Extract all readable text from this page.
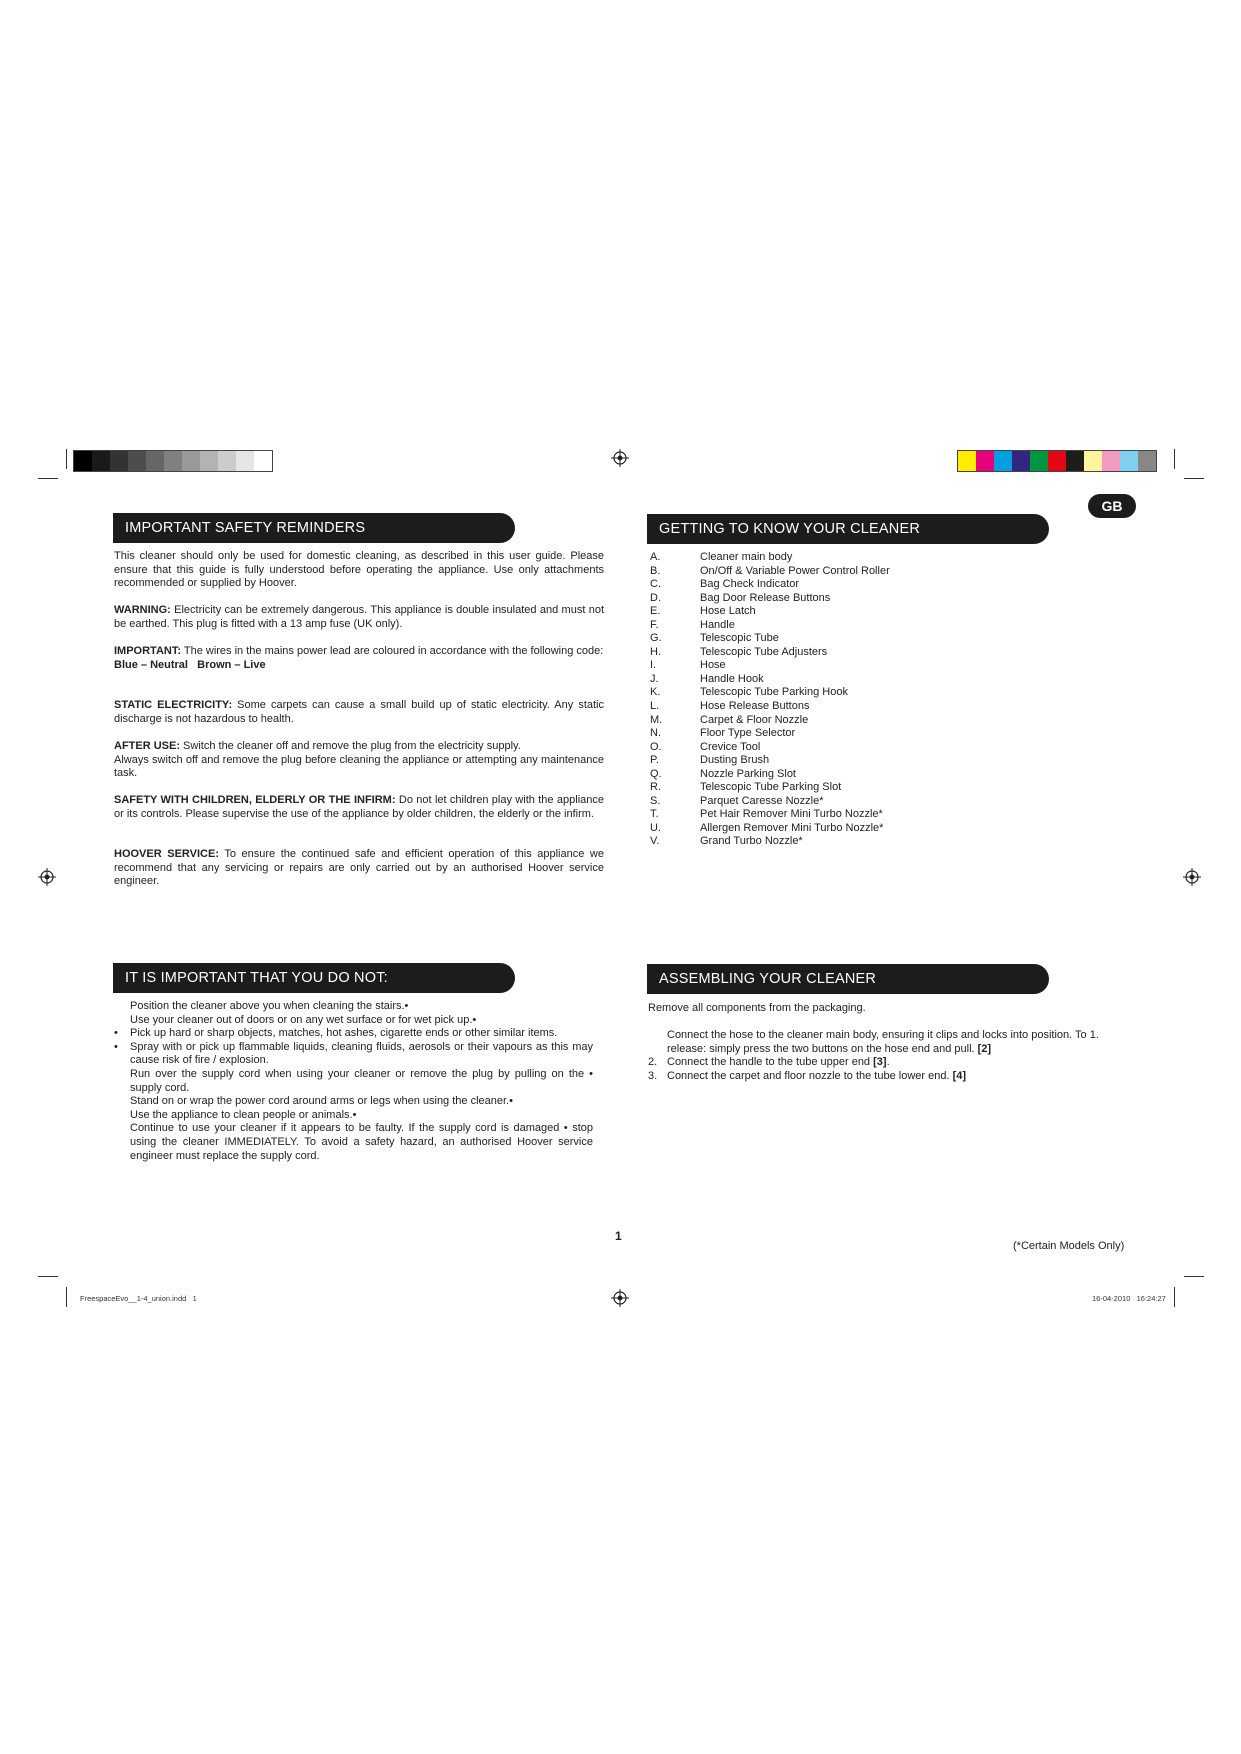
GB
IMPORTANT SAFETY REMINDERS
This cleaner should only be used for domestic cleaning, as described in this user guide. Please ensure that this guide is fully understood before operating the appliance. Use only attachments recommended or supplied by Hoover.
WARNING: Electricity can be extremely dangerous. This appliance is double insulated and must not be earthed. This plug is fitted with a 13 amp fuse (UK only).
IMPORTANT: The wires in the mains power lead are coloured in accordance with the following code:
Blue – Neutral   Brown – Live
STATIC ELECTRICITY: Some carpets can cause a small build up of static electricity. Any static discharge is not hazardous to health.
AFTER USE: Switch the cleaner off and remove the plug from the electricity supply.
Always switch off and remove the plug before cleaning the appliance or attempting any maintenance task.
SAFETY WITH CHILDREN, ELDERLY OR THE INFIRM: Do not let children play with the appliance or its controls. Please supervise the use of the appliance by older children, the elderly or the infirm.
HOOVER SERVICE: To ensure the continued safe and efficient operation of this appliance we recommend that any servicing or repairs are only carried out by an authorised Hoover service engineer.
IT IS IMPORTANT THAT YOU DO NOT:
Position the cleaner above you when cleaning the stairs.•
Use your cleaner out of doors or on any wet surface or for wet pick up.•
• Pick up hard or sharp objects, matches, hot ashes, cigarette ends or other similar items.
• Spray with or pick up flammable liquids, cleaning fluids, aerosols or their vapours as this may cause risk of fire / explosion.
Run over the supply cord when using your cleaner or remove the plug by pulling on the • supply cord.
Stand on or wrap the power cord around arms or legs when using the cleaner.•
Use the appliance to clean people or animals.•
Continue to use your cleaner if it appears to be faulty. If the supply cord is damaged • stop using the cleaner IMMEDIATELY. To avoid a safety hazard, an authorised Hoover service engineer must replace the supply cord.
1
GETTING TO KNOW YOUR CLEANER
A.	Cleaner main body
B.	On/Off & Variable Power Control Roller
C.	Bag Check Indicator
D.	Bag Door Release Buttons
E.	Hose Latch
F.	Handle
G.	Telescopic Tube
H.	Telescopic Tube Adjusters
I.	Hose
J.	Handle Hook
K.	Telescopic Tube Parking Hook
L.	Hose Release Buttons
M.	Carpet & Floor Nozzle
N.	Floor Type Selector
O.	Crevice Tool
P.	Dusting Brush
Q.	Nozzle Parking Slot
R.	Telescopic Tube Parking Slot
S.	Parquet Caresse Nozzle*
T.	Pet Hair Remover Mini Turbo Nozzle*
U.	Allergen Remover Mini Turbo Nozzle*
V.	Grand Turbo Nozzle*
ASSEMBLING YOUR CLEANER
Remove all components from the packaging.
Connect the hose to the cleaner main body, ensuring it clips and locks into position. To 1.
release: simply press the two buttons on the hose end and pull. [2]
2. Connect the handle to the tube upper end [3].
3. Connect the carpet and floor nozzle to the tube lower end. [4]
(*Certain Models Only)
FreespaceEvo__1-4_union.indd   1	16-04-2010   16:24:27
